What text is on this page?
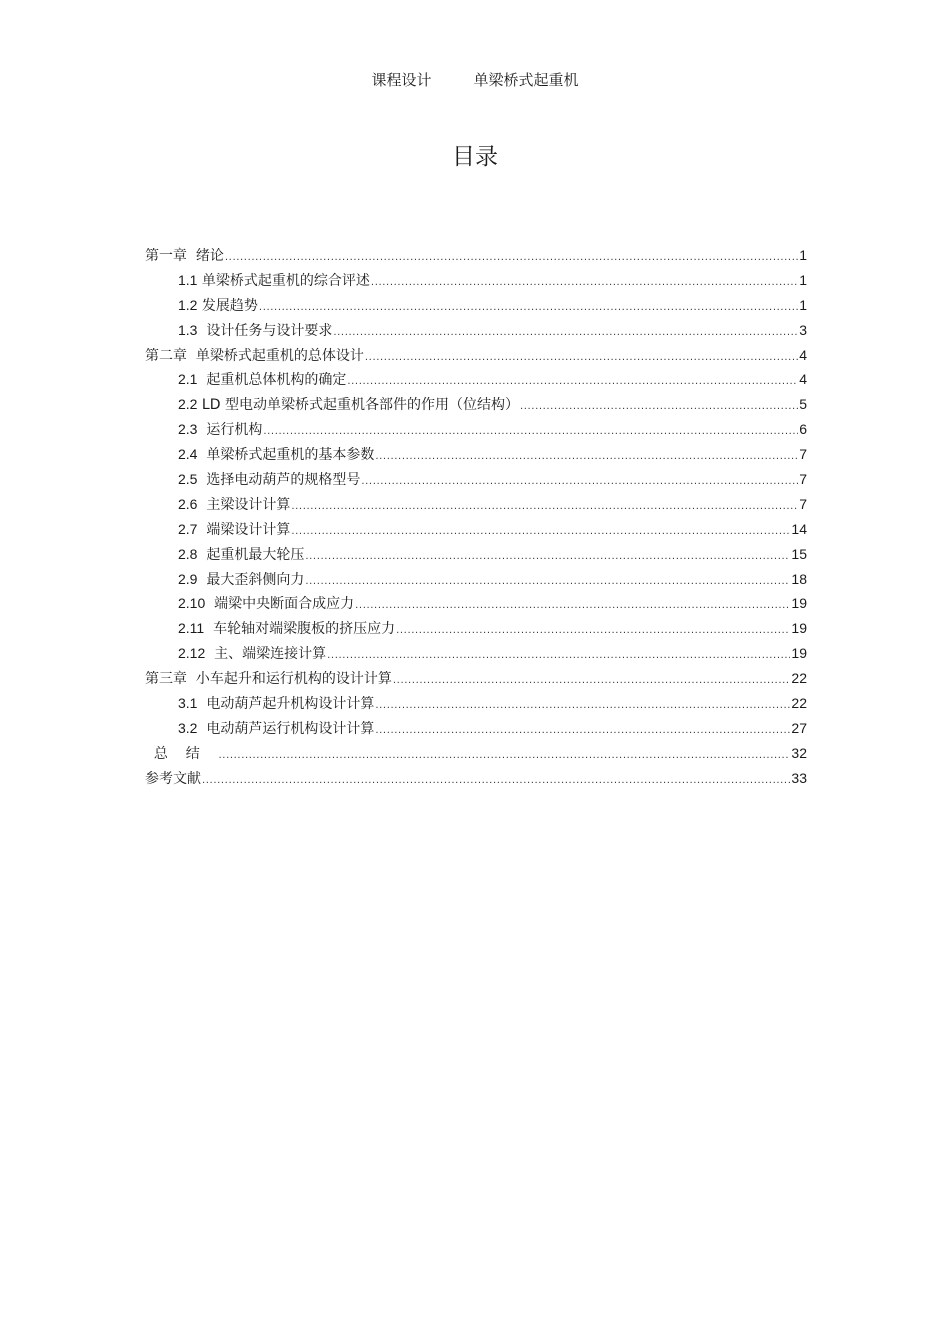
课程设计	单梁桥式起重机
目录
第一章  绪论 .....	1
1.1 单梁桥式起重机的综合评述 .....	1
1.2 发展趋势 .....	1
1.3  设计任务与设计要求 .....	3
第二章  单梁桥式起重机的总体设计 .....	4
2.1  起重机总体机构的确定 .....	4
2.2 LD 型电动单梁桥式起重机各部件的作用（位结构） .....	5
2.3  运行机构 .....	6
2.4  单梁桥式起重机的基本参数 .....	7
2.5  选择电动葫芦的规格型号 .....	7
2.6  主梁设计计算 .....	7
2.7  端梁设计计算 .....	14
2.8  起重机最大轮压 .....	15
2.9  最大歪斜侧向力 .....	18
2.10  端梁中央断面合成应力 .....	19
2.11  车轮轴对端梁腹板的挤压应力 .....	19
2.12  主、端梁连接计算 .....	19
第三章  小车起升和运行机构的设计计算 .....	22
3.1  电动葫芦起升机构设计计算 .....	22
3.2  电动葫芦运行机构设计计算 .....	27
总    结 .....	32
参考文献 .....	33
